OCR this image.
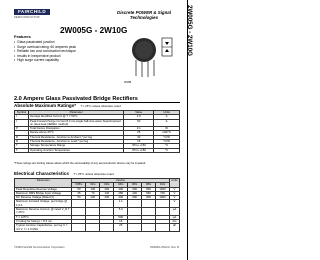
FAIRCHILD
SEMICONDUCTOR
Discrete POWER & Signal
Technologies	2W005G - 2W10G
2W005G - 2W10G
Features
• Glass passivated junction
• Surge overload rating: 60 amperes peak
• Reliable low cost construction technique
• results in inexpensive product
• High surge current capability
WOB
2.0 Ampere Glass Passivated Bridge Rectifiers
Absolute Maximum Ratings* T = 25°C unless otherwise noted
Symbol	Parameter	Value	Units
I	Average Rectified Current @ T = 50°C	2.0	A
I	Peak Forward Surge Current 8.3 ms single half-sine-wave Superimposed on rated load (JEDEC method)	60	A
P	Total Device Dissipation	3.1	W
	Derate above 25°C	25	mW/°C
R	Thermal Resistance, Junction to Ambient,* per leg	40	°C/W
R	Thermal Resistance, Junction to Lead,* per leg	15	°C/W
T	Storage Temperature Range	-55 to +150	°C
T	Operating Junction Temperature	-55 to +150	°C
*These ratings are limiting values above which the serviceability of any semiconductor device may be impaired.
Electrical Characteristics T = 25°C unless otherwise noted
Parameter	Device							Units
	005G	01G	02G	04G	06G	08G	10G	
Peak Repetitive Reverse Voltage	50	100	200	400	600	800	1000	V
Maximum RMS Bridge Input Voltage	35	70	140	280	420	560	700	V
DC Reverse Voltage (Rated V)	50	100	200	400	600	800	1000	V
Maximum Forward Voltage, per bridge @ 1.0 A				1.1				V
Maximum Reverse Current, @ rated V_R T = 25°C				5.0				µA
T = 125°C				500				µA
I²t rating for fusing t < 8.3 ms				15				A²s
Typical Junction Capacitance, per leg V = 4.0 V, f = 1.0 MHz				25				pF
©1999 Fairchild Semiconductor Corporation	2W005G-2W10G, Rev. B
